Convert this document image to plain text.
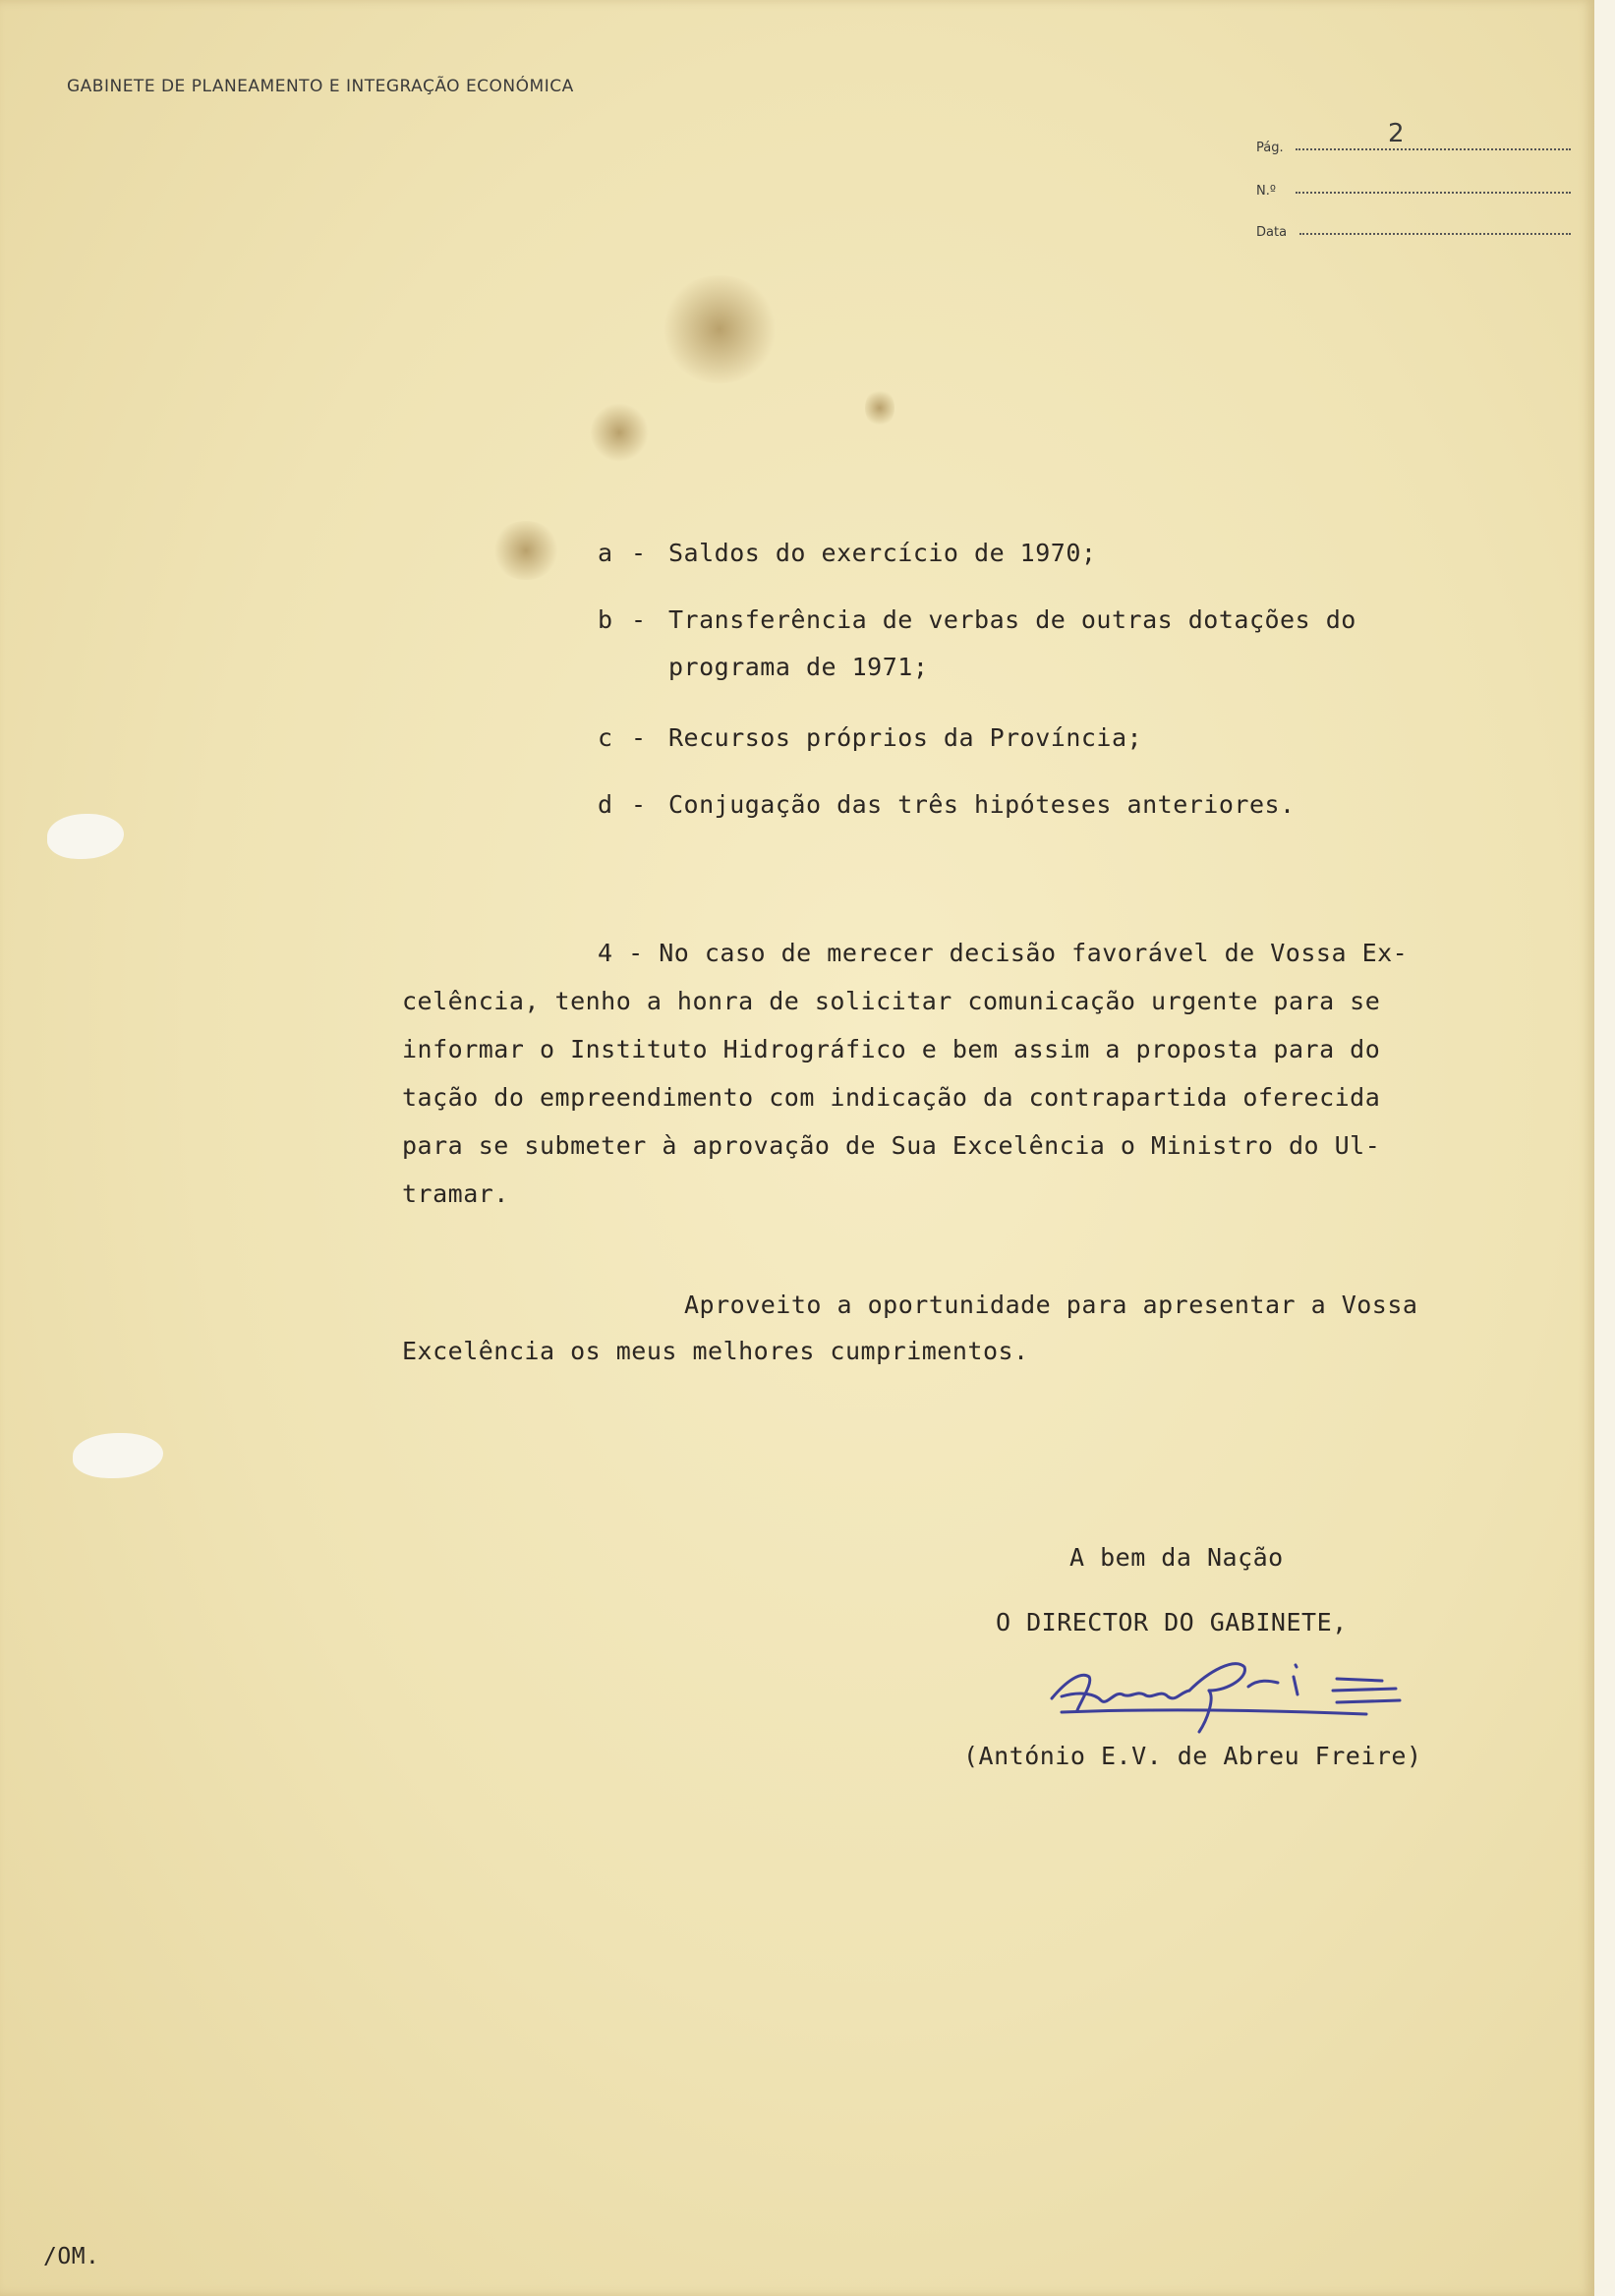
GABINETE DE PLANEAMENTO E INTEGRAÇÃO ECONÓMICA
Pág.	2
N.º
Data
a - Saldos do exercício de 1970;
b - Transferência de verbas de outras dotações do
programa de 1971;
c - Recursos próprios da Província;
d - Conjugação das três hipóteses anteriores.
4 - No caso de merecer decisão favorável de Vossa Ex-
celência, tenho a honra de solicitar comunicação urgente para se
informar o Instituto Hidrográfico e bem assim a proposta para do
tação do empreendimento com indicação da contrapartida oferecida
para se submeter à aprovação de Sua Excelência o Ministro do Ul-
tramar.
Aproveito a oportunidade para apresentar a Vossa
Excelência os meus melhores cumprimentos.
A bem da Nação
O DIRECTOR DO GABINETE,
(António E.V. de Abreu Freire)
/OM.
